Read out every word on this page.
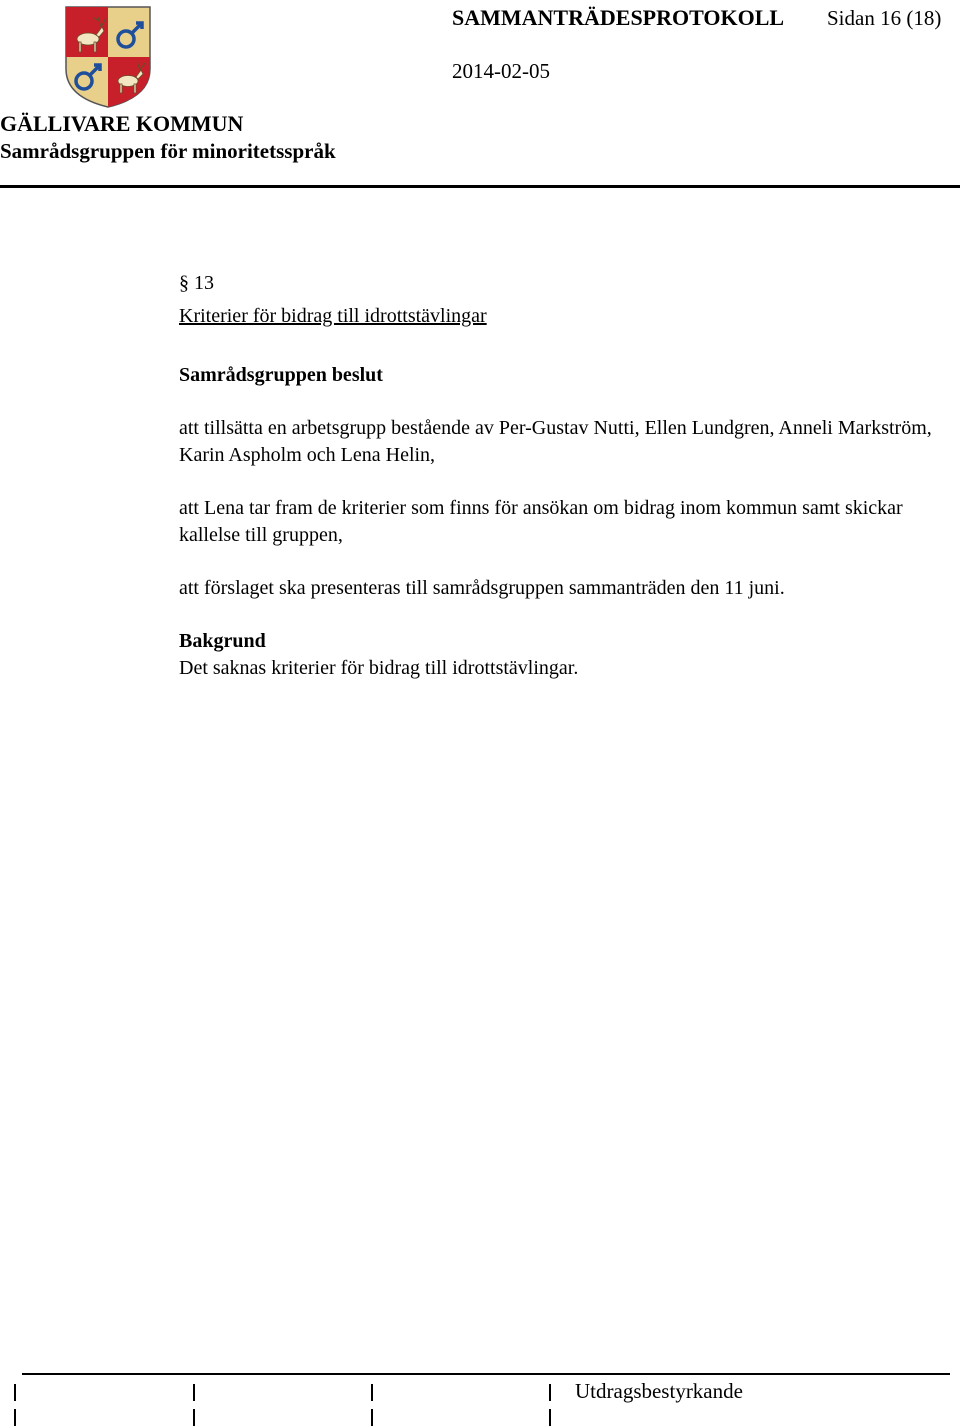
SAMMANTRÄDESPROTOKOLL Sidan 16 (18)
2014-02-05
GÄLLIVARE KOMMUN
Samrådsgruppen för minoritetsspråk
§ 13
Kriterier för bidrag till idrottstävlingar
Samrådsgruppen beslut
att tillsätta en arbetsgrupp bestående av Per-Gustav Nutti, Ellen Lundgren, Anneli Markström, Karin Aspholm och Lena Helin,
att Lena tar fram de kriterier som finns för ansökan om bidrag inom kommun samt skickar kallelse till gruppen,
att förslaget ska presenteras till samrådsgruppen sammanträden den 11 juni.
Bakgrund
Det saknas kriterier för bidrag till idrottstävlingar.
Utdragsbestyrkande
